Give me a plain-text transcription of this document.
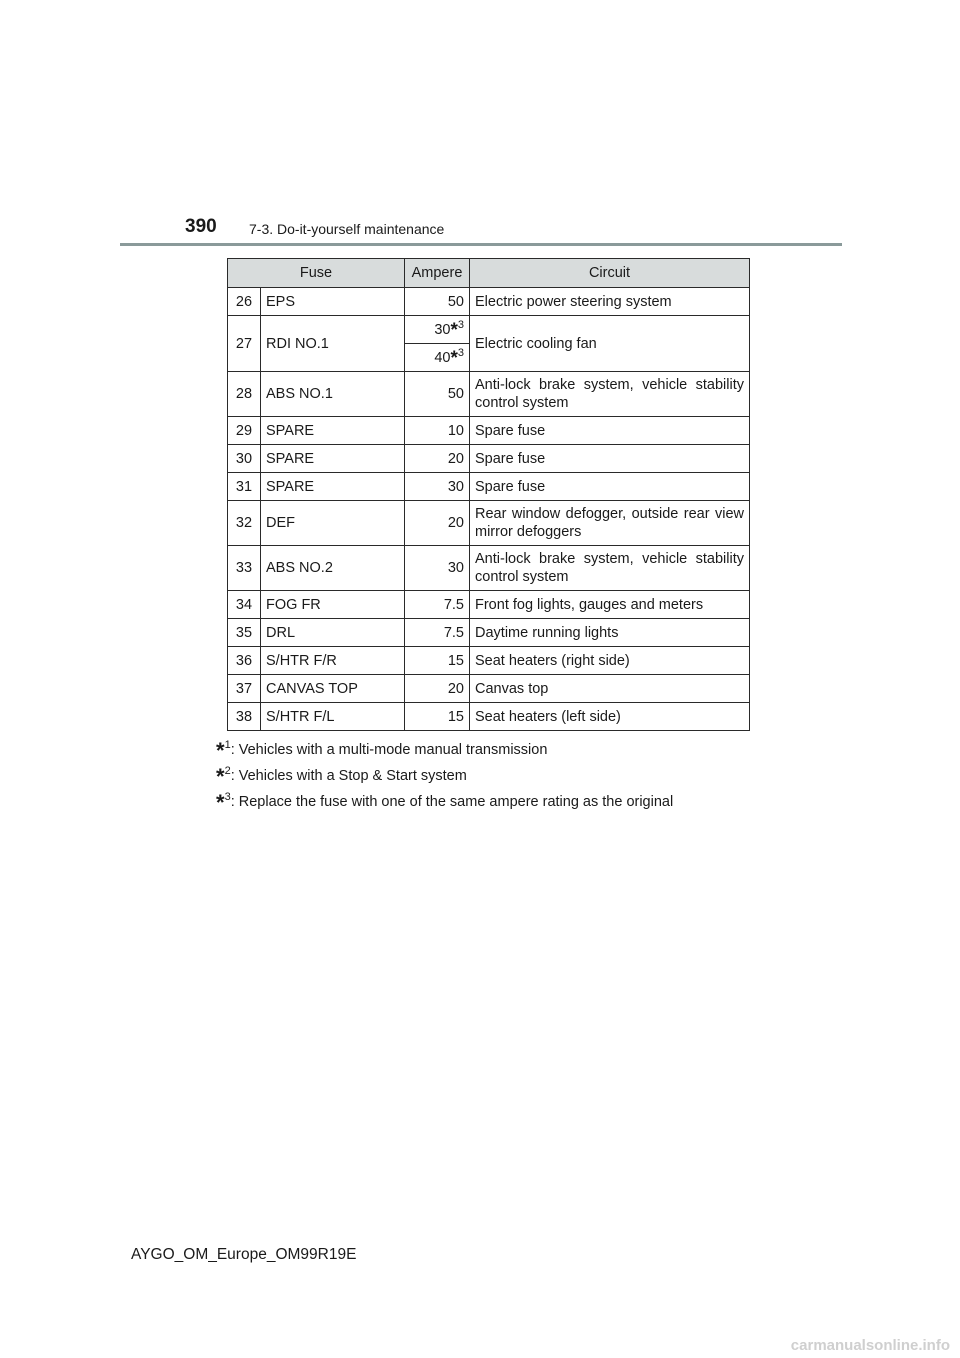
390 7-3. Do-it-yourself maintenance
Fuse		Ampere	Circuit
26	EPS	50	Electric power steering system
27	RDI NO.1	30*$^3$	Electric cooling fan
		40*$^3$
28	ABS NO.1	50	Anti-lock brake system, vehicle stability control system
29	SPARE	10	Spare fuse
30	SPARE	20	Spare fuse
31	SPARE	30	Spare fuse
32	DEF	20	Rear window defogger, outside rear view mirror defoggers
33	ABS NO.2	30	Anti-lock brake system, vehicle stability control system
34	FOG FR	7.5	Front fog lights, gauges and meters
35	DRL	7.5	Daytime running lights
36	S/HTR F/R	15	Seat heaters (right side)
37	CANVAS TOP	20	Canvas top
38	S/HTR F/L	15	Seat heaters (left side)
*$^1$: Vehicles with a multi-mode manual transmission
*$^2$: Vehicles with a Stop & Start system
*$^3$: Replace the fuse with one of the same ampere rating as the original
AYGO_OM_Europe_OM99R19E
carmanualsonline.info
